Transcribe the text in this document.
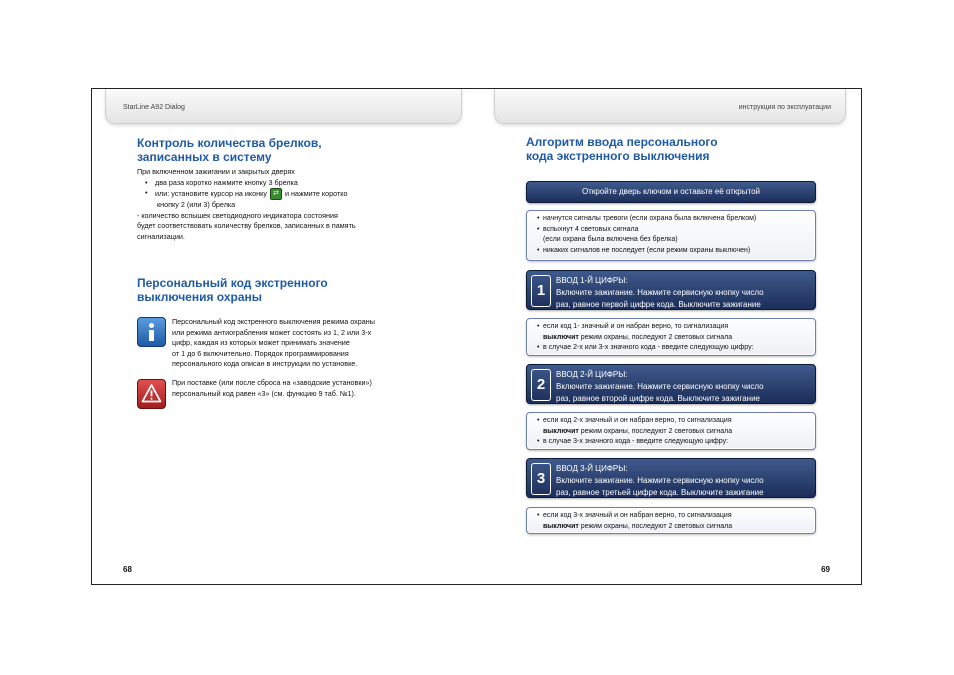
StarLine A92 Dialog	инструкция по эксплуатации
Контроль количества брелков,
записанных в систему
При включенном зажигании и закрытых дверях
• два раза коротко нажмите кнопку 3 брелка
• или: установите курсор на иконку ⇄ и нажмите коротко
кнопку 2 (или 3) брелка
- количество вспышек светодиодного индикатора состояния
будет соответствовать количеству брелков, записанных в память
сигнализации.
Персональный код экстренного
выключения охраны
Персональный код экстренного выключения режима охраны
или режима антиограбления может состоять из 1, 2 или 3-х
цифр, каждая из которых может принимать значение
от 1 до 6 включительно. Порядок программирования
персонального кода описан в инструкции по установке.
При поставке (или после сброса на «заводские установки»)
персональный код равен «3» (см. функцию 9 таб. №1).
68	69
Алгоритм ввода персонального
кода экстренного выключения
Откройте дверь ключом и оставьте её открытой
• начнутся сигналы тревоги (если охрана была включена брелком)
• вспыхнут 4 световых сигнала
(если охрана была включена без брелка)
• никаких сигналов не последует (если режим охраны выключен)
1
ВВОД 1-Й ЦИФРЫ:
Включите зажигание. Нажмите сервисную кнопку число
раз, равное первой цифре кода. Выключите зажигание
• если код 1- значный и он набран верно, то сигнализация
выключит режим охраны, последуют 2 световых сигнала
• в случае 2-х или 3-х значного кода - введите следующую цифру:
2
ВВОД 2-Й ЦИФРЫ:
Включите зажигание. Нажмите сервисную кнопку число
раз, равное второй цифре кода. Выключите зажигание
• если код 2-х значный и он набран верно, то сигнализация
выключит режим охраны, последуют 2 световых сигнала
• в случае 3-х значного кода - введите следующую цифру:
3
ВВОД 3-Й ЦИФРЫ:
Включите зажигание. Нажмите сервисную кнопку число
раз, равное третьей цифре кода. Выключите зажигание
• если код 3-х значный и он набран верно, то сигнализация
выключит режим охраны, последуют 2 световых сигнала
